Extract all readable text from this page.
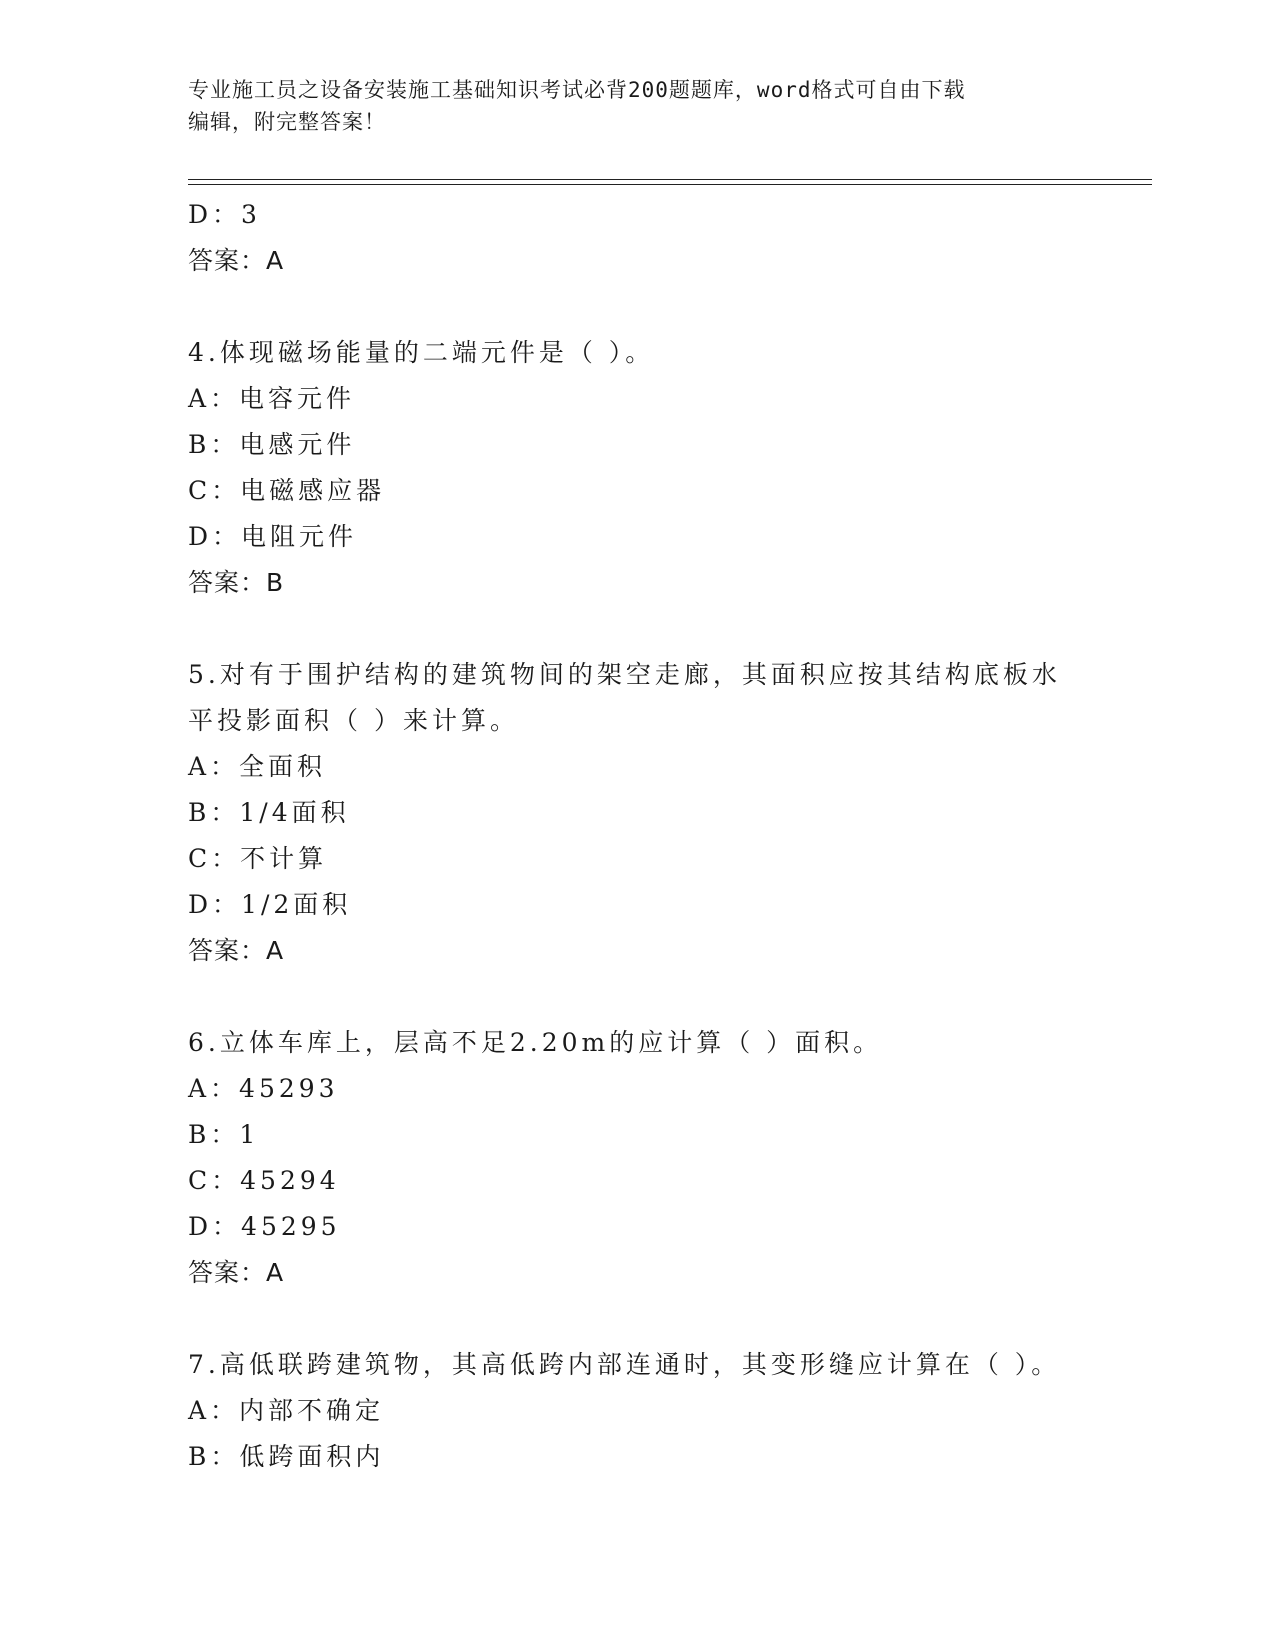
专业施工员之设备安装施工基础知识考试必背200题题库，word格式可自由下载
编辑，附完整答案！
D：3
答案：A
4.体现磁场能量的二端元件是（ ）。
A：电容元件
B：电感元件
C：电磁感应器
D：电阻元件
答案：B
5.对有于围护结构的建筑物间的架空走廊，其面积应按其结构底板水
平投影面积（ ）来计算。
A：全面积
B：1/4面积
C：不计算
D：1/2面积
答案：A
6.立体车库上，层高不足2.20m的应计算（ ）面积。
A：45293
B：1
C：45294
D：45295
答案：A
7.高低联跨建筑物，其高低跨内部连通时，其变形缝应计算在（ ）。
A：内部不确定
B：低跨面积内
